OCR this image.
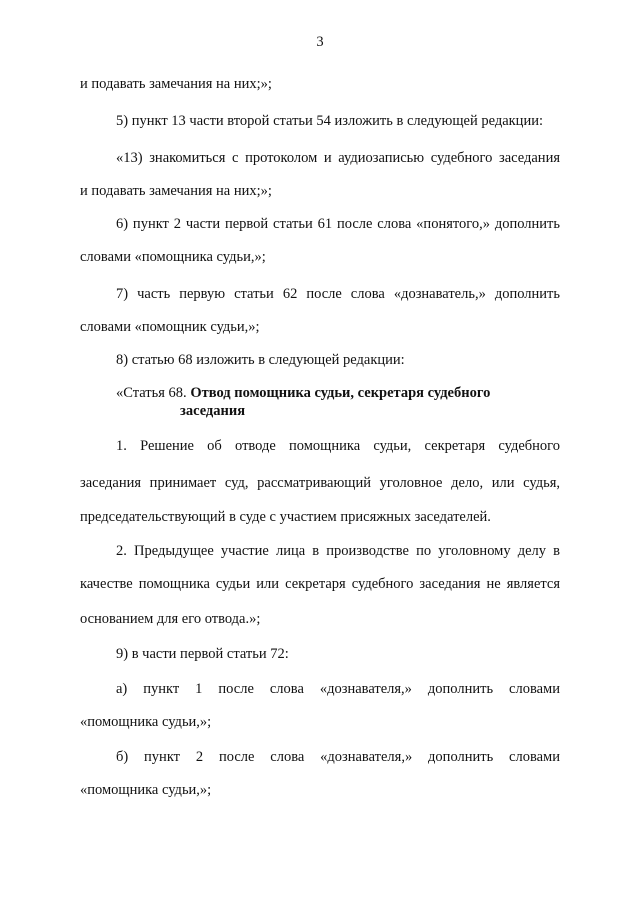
3
и подавать замечания на них;»;
5) пункт 13 части второй статьи 54 изложить в следующей редакции:
«13) знакомиться с протоколом и аудиозаписью судебного заседания
и подавать замечания на них;»;
6) пункт 2 части первой статьи 61 после слова «понятого,» дополнить
словами «помощника судьи,»;
7) часть первую статьи 62 после слова «дознаватель,» дополнить
словами «помощник судьи,»;
8) статью 68 изложить в следующей редакции:
«Статья 68. Отвод помощника судьи, секретаря судебного
заседания
1. Решение об отводе помощника судьи, секретаря судебного
заседания принимает суд, рассматривающий уголовное дело, или судья,
председательствующий в суде с участием присяжных заседателей.
2. Предыдущее участие лица в производстве по уголовному делу в
качестве помощника судьи или секретаря судебного заседания не является
основанием для его отвода.»;
9) в части первой статьи 72:
а) пункт 1 после слова «дознавателя,» дополнить словами
«помощника судьи,»;
б) пункт 2 после слова «дознавателя,» дополнить словами
«помощника судьи,»;
